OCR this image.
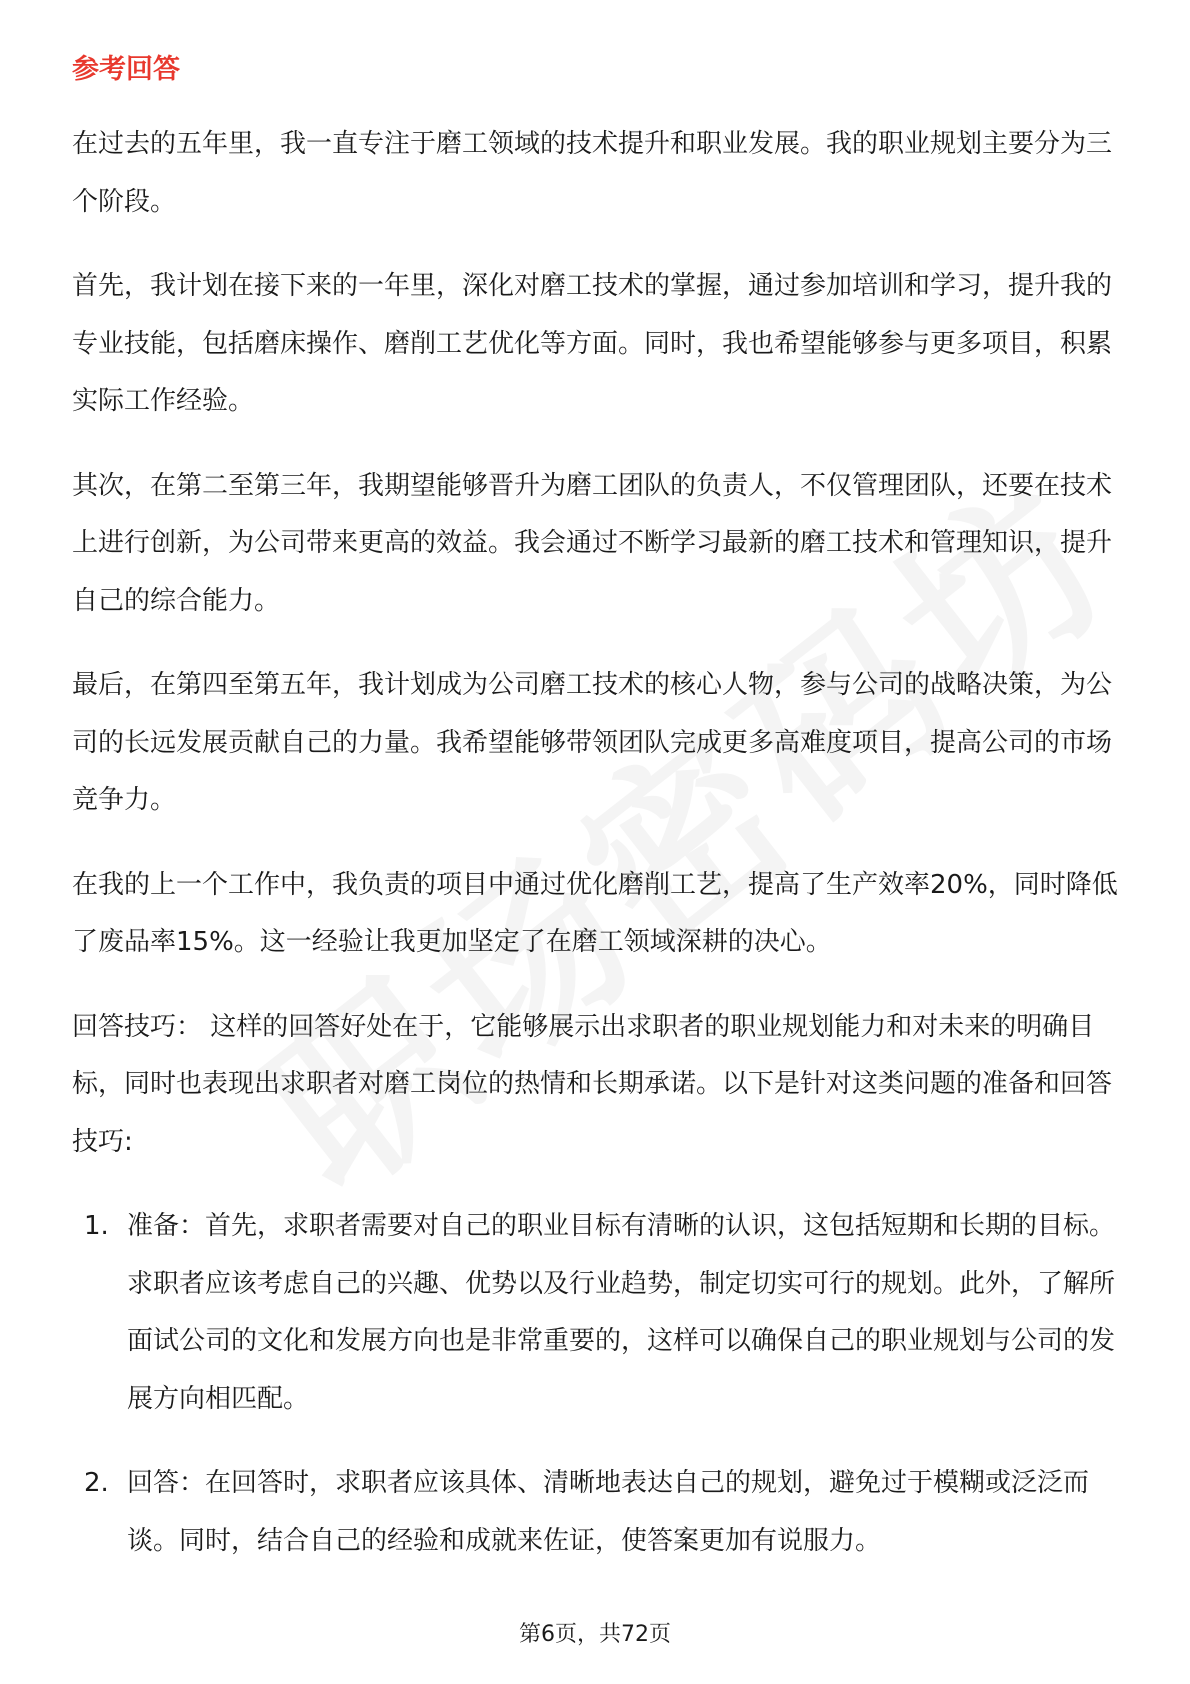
参考回答

在过去的五年里，我一直专注于磨工领域的技术提升和职业发展。我的职业规划主要分为三个阶段。

首先，我计划在接下来的一年里，深化对磨工技术的掌握，通过参加培训和学习，提升我的专业技能，包括磨床操作、磨削工艺优化等方面。同时，我也希望能够参与更多项目，积累实际工作经验。

其次，在第二至第三年，我期望能够晋升为磨工团队的负责人，不仅管理团队，还要在技术上进行创新，为公司带来更高的效益。我会通过不断学习最新的磨工技术和管理知识，提升自己的综合能力。

最后，在第四至第五年，我计划成为公司磨工技术的核心人物，参与公司的战略决策，为公司的长远发展贡献自己的力量。我希望能够带领团队完成更多高难度项目，提高公司的市场竞争力。

在我的上一个工作中，我负责的项目中通过优化磨削工艺，提高了生产效率20%，同时降低了废品率15%。这一经验让我更加坚定了在磨工领域深耕的决心。

回答技巧： 这样的回答好处在于，它能够展示出求职者的职业规划能力和对未来的明确目标，同时也表现出求职者对磨工岗位的热情和长期承诺。以下是针对这类问题的准备和回答技巧:

1. 准备：首先，求职者需要对自己的职业目标有清晰的认识，这包括短期和长期的目标。求职者应该考虑自己的兴趣、优势以及行业趋势，制定切实可行的规划。此外，了解所面试公司的文化和发展方向也是非常重要的，这样可以确保自己的职业规划与公司的发展方向相匹配。
2. 回答：在回答时，求职者应该具体、清晰地表达自己的规划，避免过于模糊或泛泛而谈。同时，结合自己的经验和成就来佐证，使答案更加有说服力。
第6页，共72页
